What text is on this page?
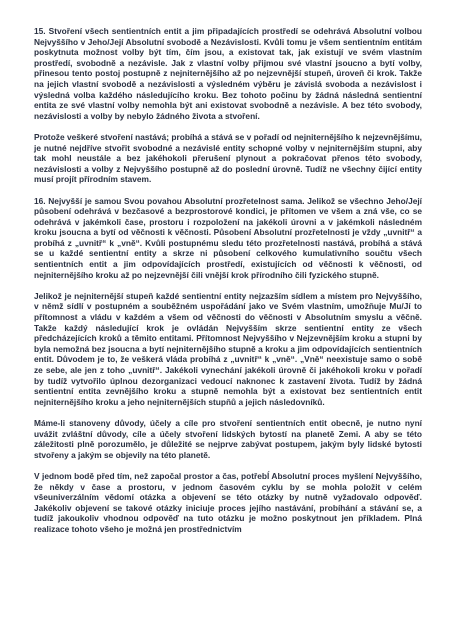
15. Stvoření všech sentientních entit a jim připadajících prostředí se odehrává Absolutní volbou Nejvyššího v Jeho/Její Absolutní svobodě a Nezávislosti. Kvůli tomu je všem sentientním entitám poskytnuta možnost volby být tím, čím jsou, a existovat tak, jak existují ve svém vlastním prostředí, svobodně a nezávisle. Jak z vlastní volby přijmou své vlastní jsoucno a bytí volby, přinesou tento postoj postupně z nejniternějšího až po nejzevnější stupeň, úroveň či krok. Takže na jejich vlastní svobodě a nezávislosti a výsledném výběru je závislá svoboda a nezávislost i výsledná volba každého následujícího kroku. Bez tohoto počinu by žádná následná sentientní entita ze své vlastní volby nemohla být ani existovat svobodně a nezávisle. A bez této svobody, nezávislosti a volby by nebylo žádného života a stvoření.

Protože veškeré stvoření nastává; probíhá a stává se v pořadí od nejniternějšího k nejzevnějšímu, je nutné nejdříve stvořit svobodné a nezávislé entity schopné volby v nejniternějším stupni, aby tak mohl neustále a bez jakéhokoli přerušení plynout a pokračovat přenos této svobody, nezávislosti a volby z Nejvyššího postupně až do poslední úrovně. Tudíž ne všechny čijící entity musí projít přírodním stavem.

16. Nejvyšší je samou Svou povahou Absolutní prozřetelnost sama. Jelikož se všechno Jeho/Její působení odehrává v bezčasové a bezprostorové kondici, je přítomen ve všem a zná vše, co se odehrává v jakémkoli čase, prostoru i rozpoložení na jakékoli úrovni a v jakémkoli následném kroku jsoucna a bytí od věčnosti k věčnosti. Působení Absolutní prozřetelnosti je vždy „uvnitř“ a probíhá z „uvnitř“ k „vně“. Kvůli postupnému sledu této prozřetelnosti nastává, probíhá a stává se u každé sentientní entity a skrze ni působení celkového kumulativního součtu všech sentientních entit a jim odpovídajících prostředí, existujících od věčnosti k věčnosti, od nejniternějšího kroku až po nejzevnější čili vnější krok přírodního čili fyzického stupně.

Jelikož je nejniternější stupeň každé sentientní entity nejzazším sídlem a místem pro Nejvyššího, v němž sídlí v postupném a souběžném uspořádání jako ve Svém vlastním, umožňuje Mu/Jí to přítomnost a vládu v každém a všem od věčnosti do věčnosti v Absolutním smyslu a věčně. Takže každý následující krok je ovládán Nejvyšším skrze sentientní entity ze všech předcházejících kroků a těmito entitami. Přítomnost Nejvyššího v Nejzevnějším kroku a stupni by byla nemožná bez jsoucna a bytí nejniternějšího stupně a kroku a jim odpovídajících sentientních entit. Důvodem je to, že veškerá vláda probíhá z „uvnitř“ k „vně“. „Vně“ neexistuje samo o sobě ze sebe, ale jen z toho „uvnitř“. Jakékoli vynechání jakékoli úrovně či jakéhokoli kroku v pořadí by tudíž vytvořilo úplnou dezorganizaci vedoucí naknonec k zastavení života. Tudíž by žádná sentientní entita zevnějšího kroku a stupně nemohla být a existovat bez sentientních entit nejniternějšího kroku a jeho nejniternějších stupňů a jejich následovníků.

Máme-li stanoveny důvody, účely a cíle pro stvoření sentientních entit obecně, je nutno nyní uvážit zvláštní důvody, cíle a účely stvoření lidských bytostí na planetě Zemi. A aby se této záležitosti plně porozumělo, je důležité se nejprve zabývat postupem, jakým byly lidské bytosti stvořeny a jakým se objevily na této planetě.

V jednom bodě před tím, než započal prostor a čas, potřebĺ Absolutní proces myšlení Nejvyššího, že někdy v čase a prostoru, v jednom časovém cyklu by se mohla položit v celém všeuniverzálním vědomí otázka a objevení se této otázky by nutně vyžadovalo odpověď. Jakékoliv objevení se takové otázky iniciuje proces jejího nastávání, probíhání a stávání se, a tudíž jakoukoliv vhodnou odpověď na tuto otázku je možno poskytnout jen příkladem. Plná realizace tohoto všeho je možná jen prostřednictvím
